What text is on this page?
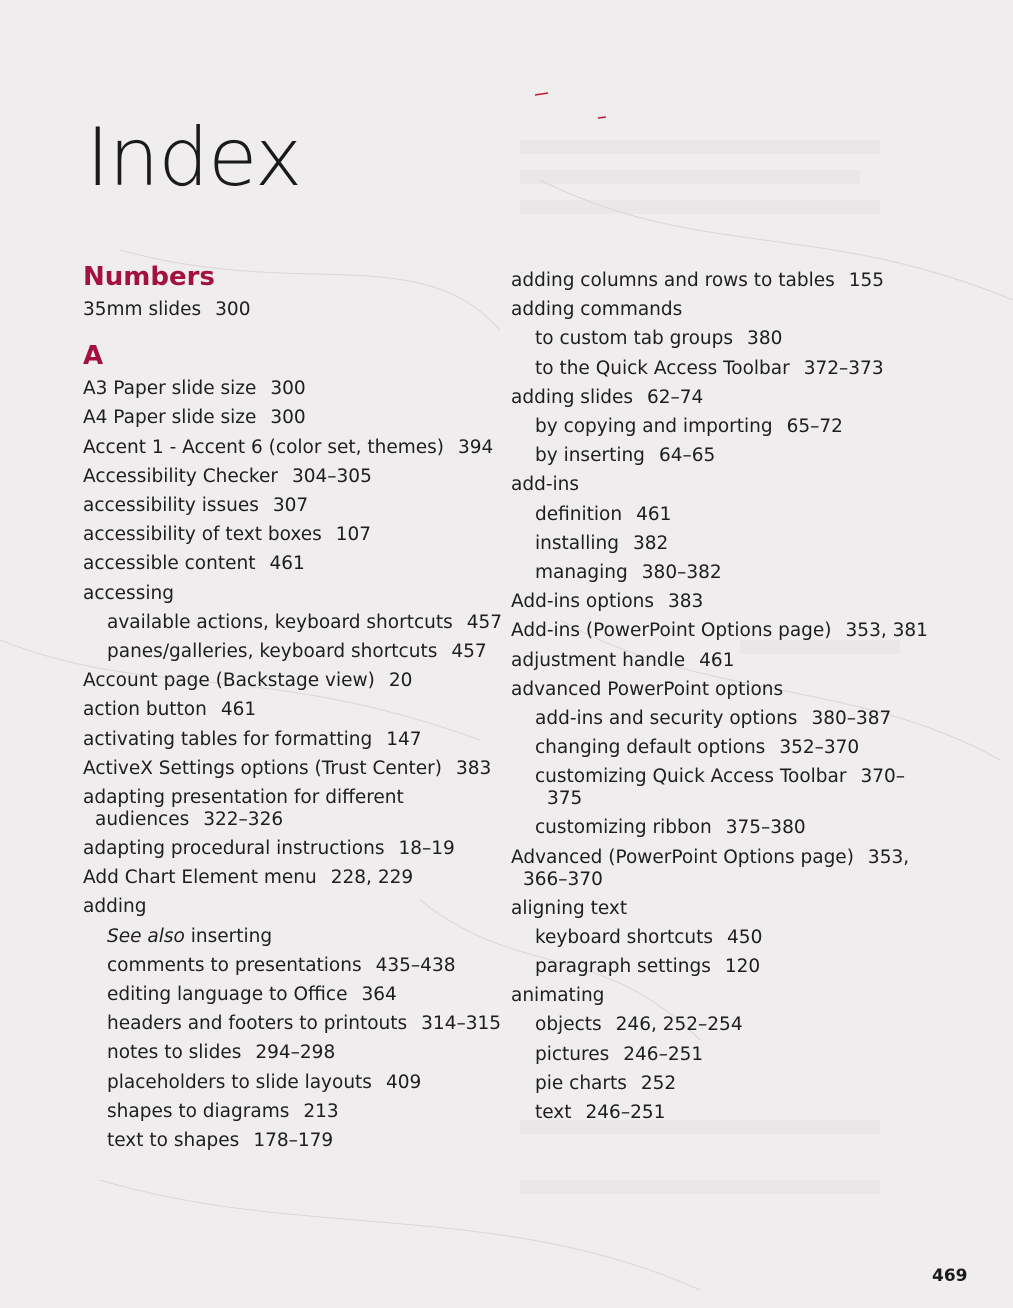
Index
Numbers
35mm slides 300
A
A3 Paper slide size 300
A4 Paper slide size 300
Accent 1 - Accent 6 (color set, themes) 394
Accessibility Checker 304–305
accessibility issues 307
accessibility of text boxes 107
accessible content 461
accessing
available actions, keyboard shortcuts 457
panes/galleries, keyboard shortcuts 457
Account page (Backstage view) 20
action button 461
activating tables for formatting 147
ActiveX Settings options (Trust Center) 383
adapting presentation for different audiences 322–326
adapting procedural instructions 18–19
Add Chart Element menu 228, 229
adding
See also inserting
comments to presentations 435–438
editing language to Office 364
headers and footers to printouts 314–315
notes to slides 294–298
placeholders to slide layouts 409
shapes to diagrams 213
text to shapes 178–179
adding columns and rows to tables 155
adding commands
to custom tab groups 380
to the Quick Access Toolbar 372–373
adding slides 62–74
by copying and importing 65–72
by inserting 64–65
add-ins
definition 461
installing 382
managing 380–382
Add-ins options 383
Add-ins (PowerPoint Options page) 353, 381
adjustment handle 461
advanced PowerPoint options
add-ins and security options 380–387
changing default options 352–370
customizing Quick Access Toolbar 370–375
customizing ribbon 375–380
Advanced (PowerPoint Options page) 353, 366–370
aligning text
keyboard shortcuts 450
paragraph settings 120
animating
objects 246, 252–254
pictures 246–251
pie charts 252
text 246–251
469
